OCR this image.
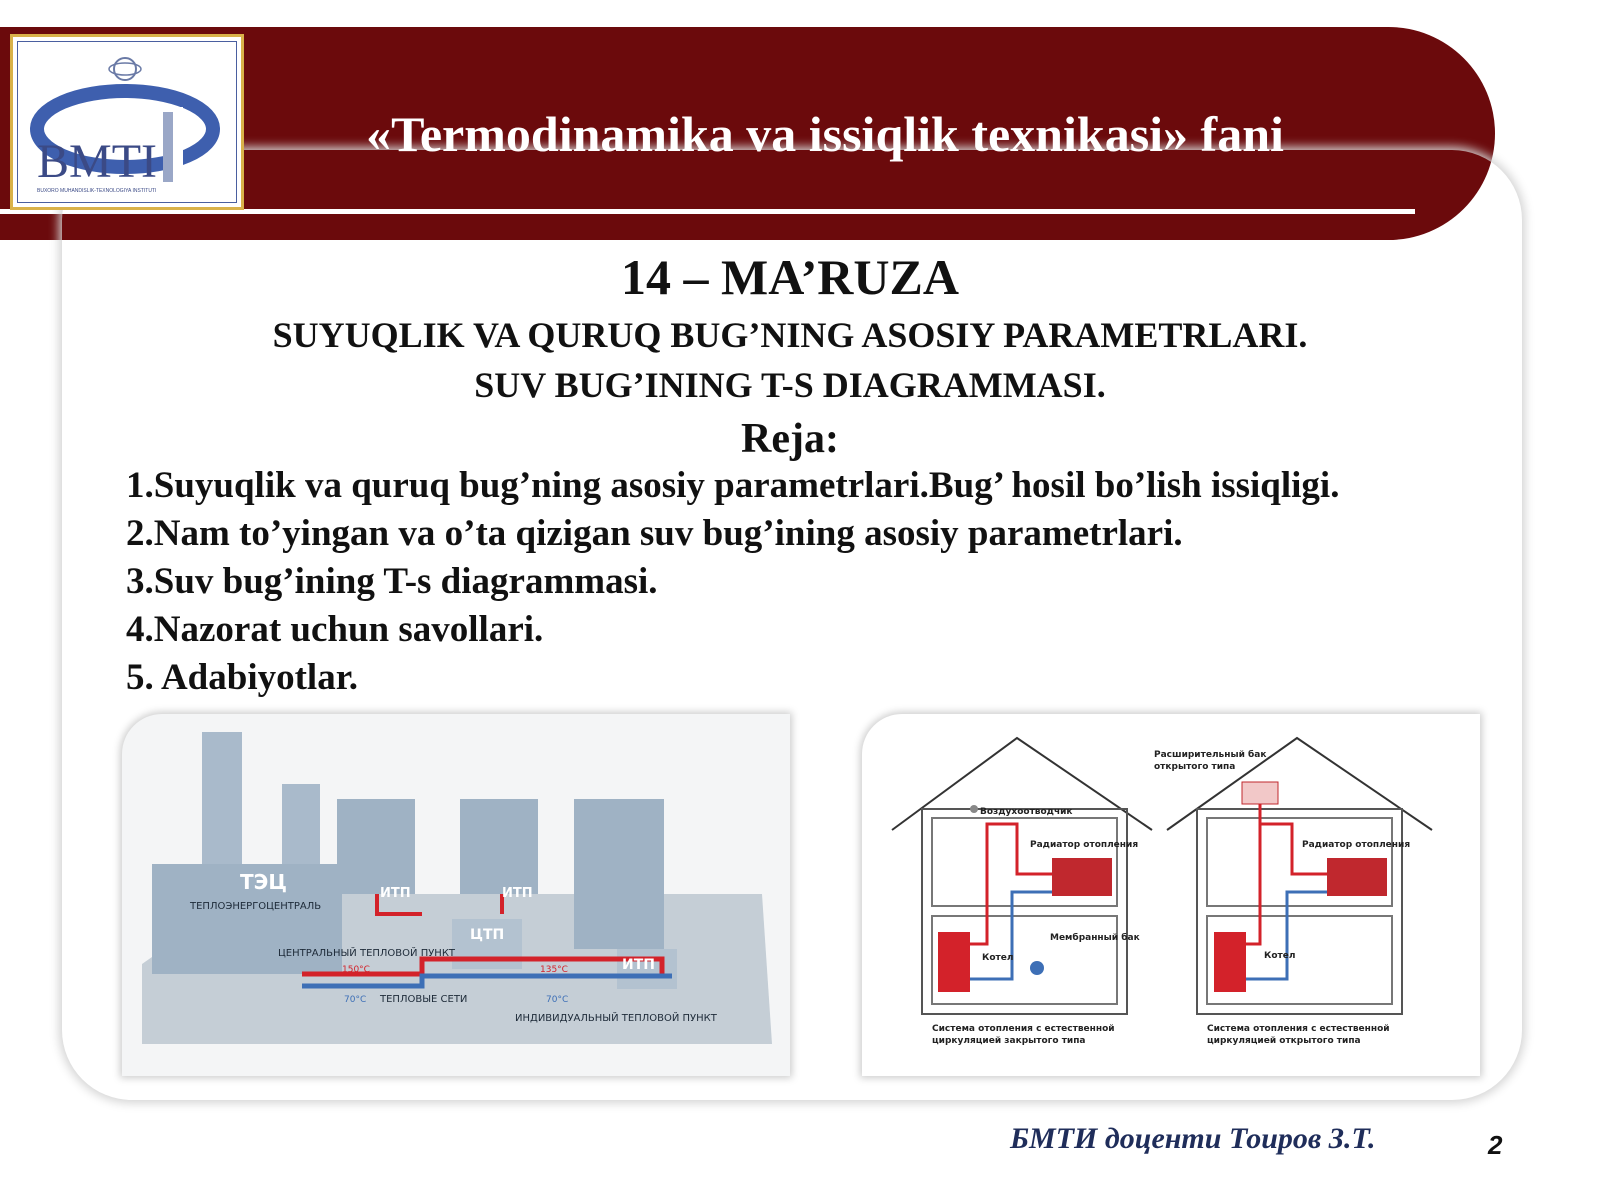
BMTI
BUXORO MUHANDISLIK-TEXNOLOGIYA INSTITUTI
«Termodinamika va issiqlik texnikasi» fani
14 – MA’RUZA
SUYUQLIK VA QURUQ BUG’NING ASOSIY PARAMETRLARI.
SUV BUG’INING T-S DIAGRAMMASI.
Reja:
1.Suyuqlik va quruq bug’ning asosiy parametrlari.Bug’ hosil bo’lish issiqligi.
2.Nam to’yingan va o’ta qizigan suv bug’ining asosiy parametrlari.
3.Suv bug’ining T-s diagrammasi.
4.Nazorat uchun savollari.
5. Adabiyotlar.
ТЭЦ
ТЕПЛОЭНЕРГОЦЕНТРАЛЬ
ИТП	ИТП
ЦТП
ИТП
ЦЕНТРАЛЬНЫЙ ТЕПЛОВОЙ ПУНКТ
150°C	135°C
70°C	70°C
ТЕПЛОВЫЕ СЕТИ
ИНДИВИДУАЛЬНЫЙ ТЕПЛОВОЙ ПУНКТ
Воздухоотводчик
Радиатор отопления
Мембранный бак
Котел
Система отопления с естественной
циркуляцией закрытого типа
Расширительный бак
открытого типа
Радиатор отопления
Котел
Система отопления с естественной
циркуляцией открытого типа
БМТИ доценти Тоиров З.Т.	2
